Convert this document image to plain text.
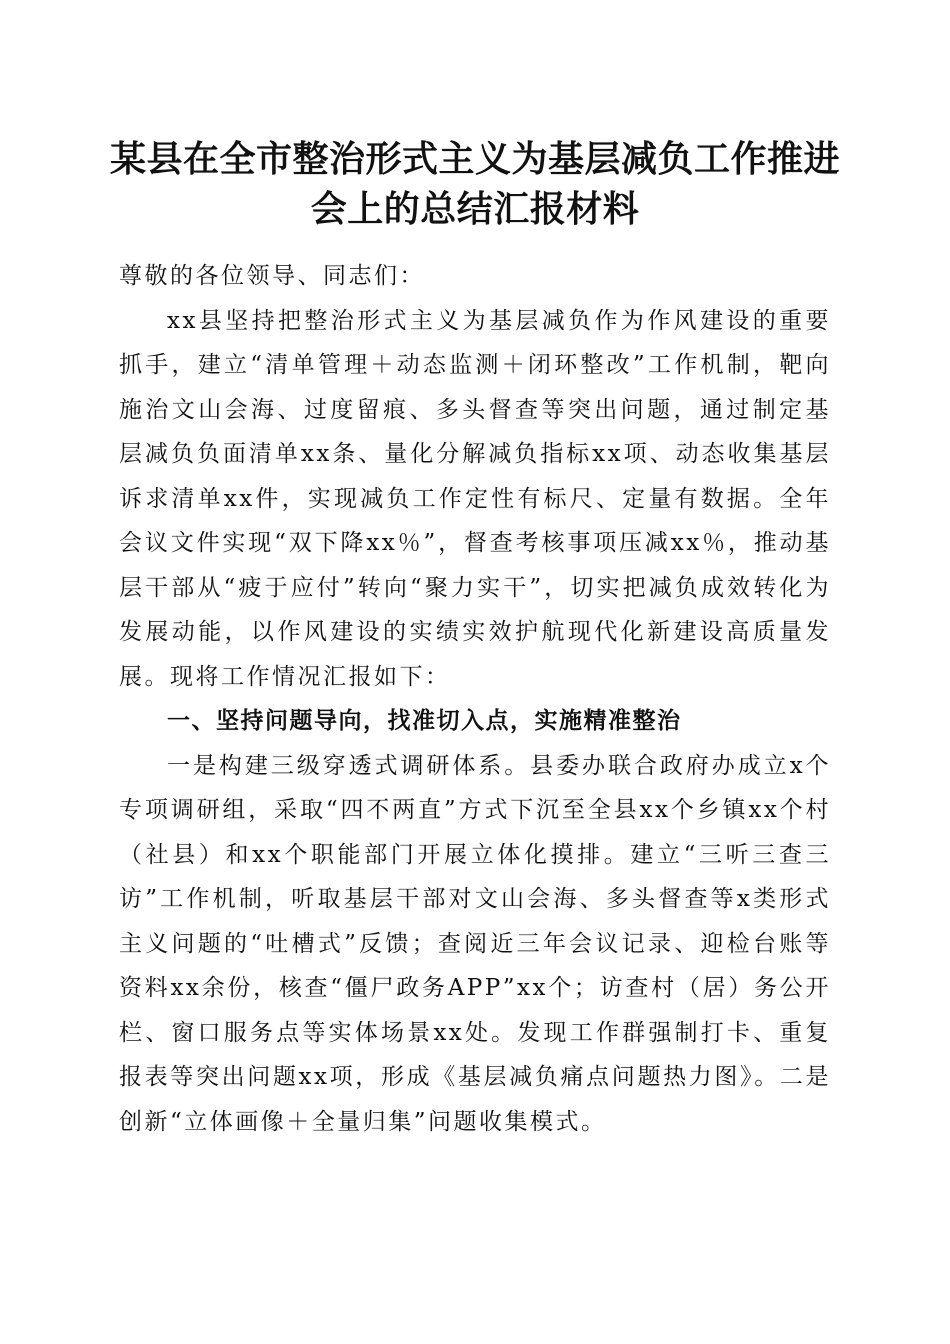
某县在全市整治形式主义为基层减负工作推进
会上的总结汇报材料

尊敬的各位领导、同志们：

xx县坚持把整治形式主义为基层减负作为作风建设的重要抓手，建立“清单管理＋动态监测＋闭环整改”工作机制，靶向施治文山会海、过度留痕、多头督查等突出问题，通过制定基层减负负面清单xx条、量化分解减负指标xx项、动态收集基层诉求清单xx件，实现减负工作定性有标尺、定量有数据。全年会议文件实现“双下降xx％”，督查考核事项压减xx％，推动基层干部从“疲于应付”转向“聚力实干”，切实把减负成效转化为发展动能，以作风建设的实绩实效护航现代化新建设高质量发展。现将工作情况汇报如下：

一、坚持问题导向，找准切入点，实施精准整治

一是构建三级穿透式调研体系。县委办联合政府办成立x个专项调研组，采取“四不两直”方式下沉至全县xx个乡镇xx个村（社县）和xx个职能部门开展立体化摸排。建立“三听三查三访”工作机制，听取基层干部对文山会海、多头督查等x类形式主义问题的“吐槽式”反馈；查阅近三年会议记录、迎检台账等资料xx余份，核查“僵尸政务APP”xx个；访查村（居）务公开栏、窗口服务点等实体场景xx处。发现工作群强制打卡、重复报表等突出问题xx项，形成《基层减负痛点问题热力图》。二是创新“立体画像＋全量归集”问题收集模式。
